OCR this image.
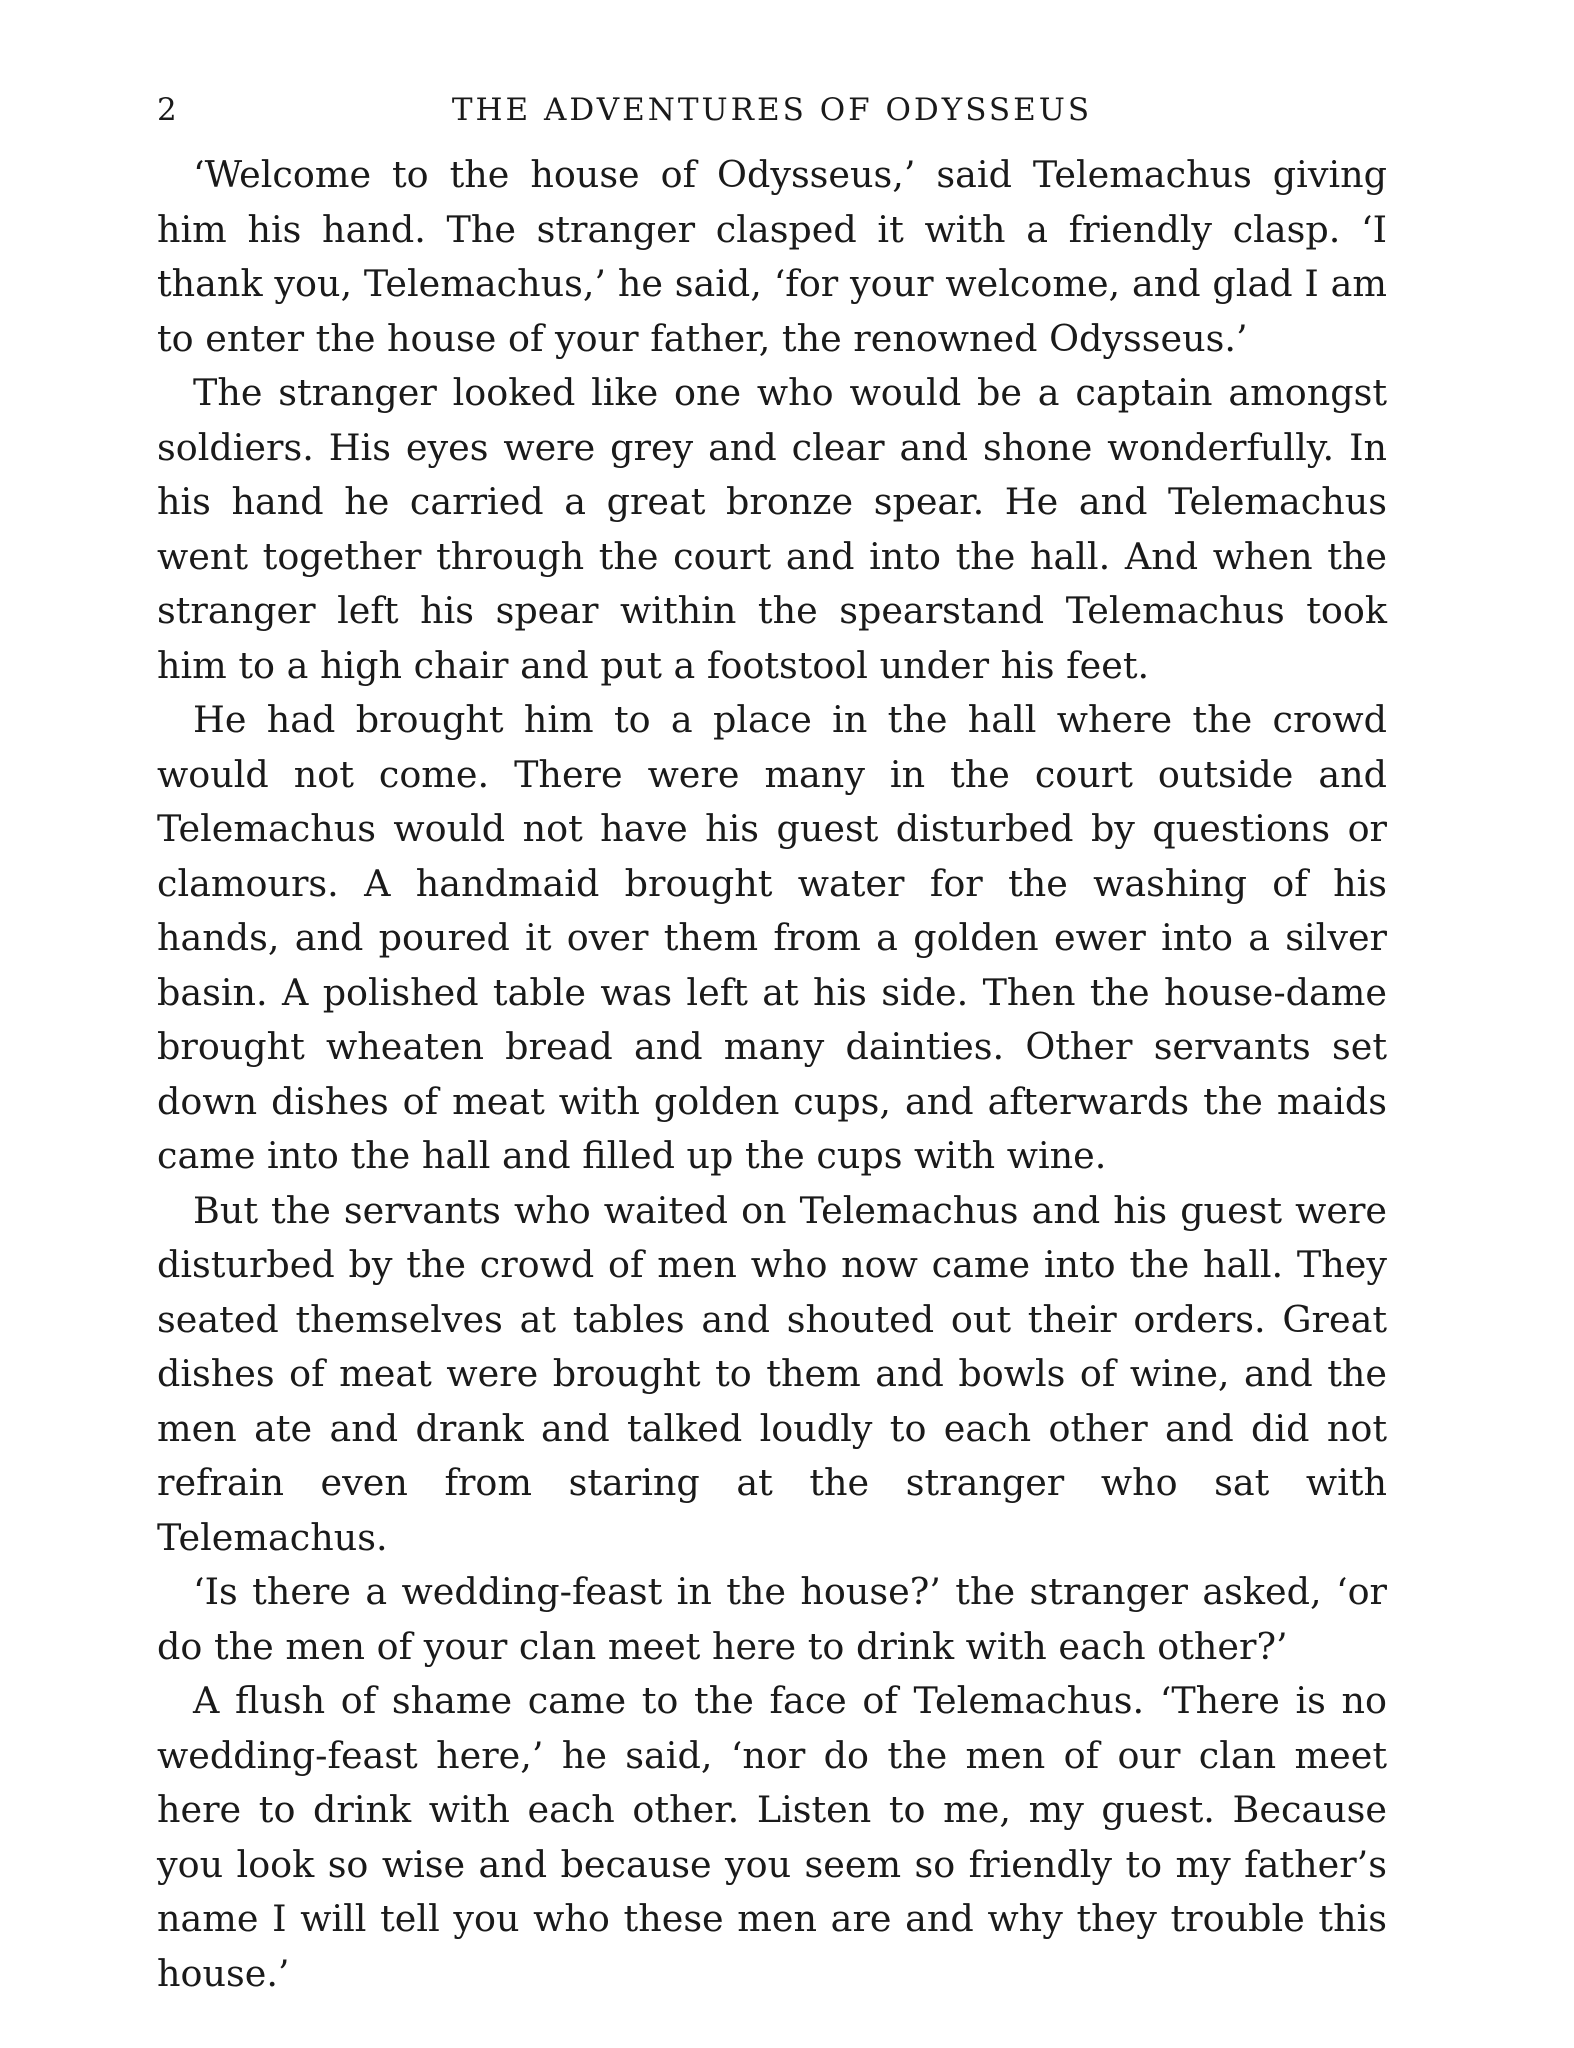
2	THE ADVENTURES OF ODYSSEUS

‘Welcome to the house of Odysseus,’ said Telemachus giving him his hand. The stranger clasped it with a friendly clasp. ‘I thank you, Telemachus,’ he said, ‘for your welcome, and glad I am to enter the house of your father, the renowned Odysseus.’

The stranger looked like one who would be a captain amongst soldiers. His eyes were grey and clear and shone wonderfully. In his hand he carried a great bronze spear. He and Telemachus went together through the court and into the hall. And when the stranger left his spear within the spearstand Telemachus took him to a high chair and put a footstool under his feet.

He had brought him to a place in the hall where the crowd would not come. There were many in the court outside and Telemachus would not have his guest disturbed by questions or clamours. A handmaid brought water for the washing of his hands, and poured it over them from a golden ewer into a silver basin. A polished table was left at his side. Then the house-dame brought wheaten bread and many dainties. Other servants set down dishes of meat with golden cups, and afterwards the maids came into the hall and filled up the cups with wine.

But the servants who waited on Telemachus and his guest were disturbed by the crowd of men who now came into the hall. They seated themselves at tables and shouted out their orders. Great dishes of meat were brought to them and bowls of wine, and the men ate and drank and talked loudly to each other and did not refrain even from staring at the stranger who sat with Telemachus.

‘Is there a wedding-feast in the house?’ the stranger asked, ‘or do the men of your clan meet here to drink with each other?’

A flush of shame came to the face of Telemachus. ‘There is no wedding-feast here,’ he said, ‘nor do the men of our clan meet here to drink with each other. Listen to me, my guest. Because you look so wise and because you seem so friendly to my father’s name I will tell you who these men are and why they trouble this house.’
